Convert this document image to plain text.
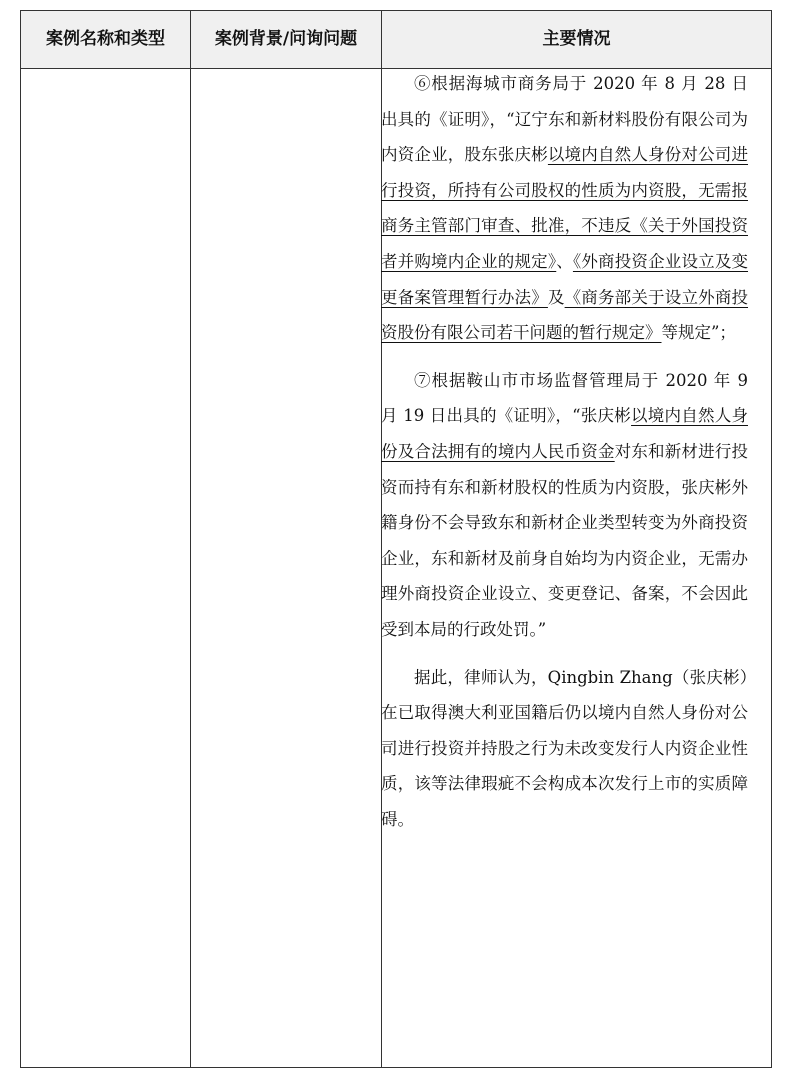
案例名称和类型	案例背景/问询问题	主要情况

⑥根据海城市商务局于 2020 年 8 月 28 日出具的《证明》，“辽宁东和新材料股份有限公司为内资企业，股东张庆彬以境内自然人身份对公司进行投资，所持有公司股权的性质为内资股，无需报商务主管部门审查、批准，不违反《关于外国投资者并购境内企业的规定》、《外商投资企业设立及变更备案管理暂行办法》及《商务部关于设立外商投资股份有限公司若干问题的暂行规定》等规定”；

⑦根据鞍山市市场监督管理局于 2020 年 9 月 19 日出具的《证明》，“张庆彬以境内自然人身份及合法拥有的境内人民币资金对东和新材进行投资而持有东和新材股权的性质为内资股，张庆彬外籍身份不会导致东和新材企业类型转变为外商投资企业，东和新材及前身自始均为内资企业，无需办理外商投资企业设立、变更登记、备案，不会因此受到本局的行政处罚。”

据此，律师认为，Qingbin Zhang（张庆彬）在已取得澳大利亚国籍后仍以境内自然人身份对公司进行投资并持股之行为未改变发行人内资企业性质，该等法律瑕疵不会构成本次发行上市的实质障碍。
